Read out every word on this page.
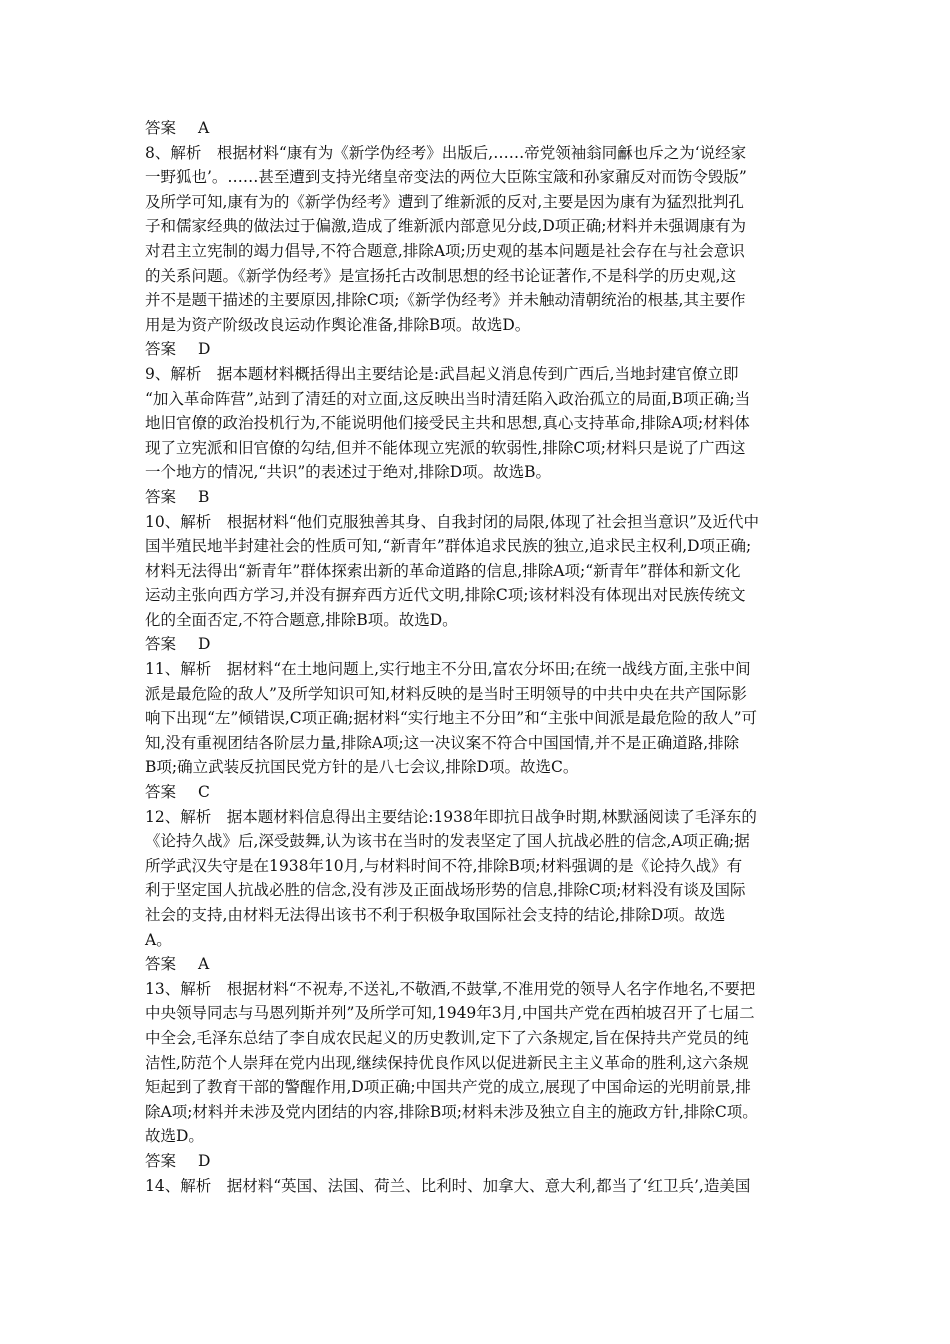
答案 A
8、解析　根据材料“康有为《新学伪经考》出版后,……帝党领袖翁同龢也斥之为‘说经家
一野狐也’。……甚至遭到支持光绪皇帝变法的两位大臣陈宝箴和孙家鼐反对而饬令毁版”
及所学可知,康有为的《新学伪经考》遭到了维新派的反对,主要是因为康有为猛烈批判孔
子和儒家经典的做法过于偏激,造成了维新派内部意见分歧,D项正确;材料并未强调康有为
对君主立宪制的竭力倡导,不符合题意,排除A项;历史观的基本问题是社会存在与社会意识
的关系问题。《新学伪经考》是宣扬托古改制思想的经书论证著作,不是科学的历史观,这
并不是题干描述的主要原因,排除C项;《新学伪经考》并未触动清朝统治的根基,其主要作
用是为资产阶级改良运动作舆论准备,排除B项。故选D。
答案 D
9、解析　据本题材料概括得出主要结论是:武昌起义消息传到广西后,当地封建官僚立即
“加入革命阵营”,站到了清廷的对立面,这反映出当时清廷陷入政治孤立的局面,B项正确;当
地旧官僚的政治投机行为,不能说明他们接受民主共和思想,真心支持革命,排除A项;材料体
现了立宪派和旧官僚的勾结,但并不能体现立宪派的软弱性,排除C项;材料只是说了广西这
一个地方的情况,“共识”的表述过于绝对,排除D项。故选B。
答案 B
10、解析　根据材料“他们克服独善其身、自我封闭的局限,体现了社会担当意识”及近代中
国半殖民地半封建社会的性质可知,“新青年”群体追求民族的独立,追求民主权利,D项正确;
材料无法得出“新青年”群体探索出新的革命道路的信息,排除A项;“新青年”群体和新文化
运动主张向西方学习,并没有摒弃西方近代文明,排除C项;该材料没有体现出对民族传统文
化的全面否定,不符合题意,排除B项。故选D。
答案 D
11、解析　据材料“在土地问题上,实行地主不分田,富农分坏田;在统一战线方面,主张中间
派是最危险的敌人”及所学知识可知,材料反映的是当时王明领导的中共中央在共产国际影
响下出现“左”倾错误,C项正确;据材料“实行地主不分田”和“主张中间派是最危险的敌人”可
知,没有重视团结各阶层力量,排除A项;这一决议案不符合中国国情,并不是正确道路,排除
B项;确立武装反抗国民党方针的是八七会议,排除D项。故选C。
答案 C
12、解析　据本题材料信息得出主要结论:1938年即抗日战争时期,林默涵阅读了毛泽东的
《论持久战》后,深受鼓舞,认为该书在当时的发表坚定了国人抗战必胜的信念,A项正确;据
所学武汉失守是在1938年10月,与材料时间不符,排除B项;材料强调的是《论持久战》有
利于坚定国人抗战必胜的信念,没有涉及正面战场形势的信息,排除C项;材料没有谈及国际
社会的支持,由材料无法得出该书不利于积极争取国际社会支持的结论,排除D项。故选
A。
答案 A
13、解析　根据材料“不祝寿,不送礼,不敬酒,不鼓掌,不准用党的领导人名字作地名,不要把
中央领导同志与马恩列斯并列”及所学可知,1949年3月,中国共产党在西柏坡召开了七届二
中全会,毛泽东总结了李自成农民起义的历史教训,定下了六条规定,旨在保持共产党员的纯
洁性,防范个人崇拜在党内出现,继续保持优良作风以促进新民主主义革命的胜利,这六条规
矩起到了教育干部的警醒作用,D项正确;中国共产党的成立,展现了中国命运的光明前景,排
除A项;材料并未涉及党内团结的内容,排除B项;材料未涉及独立自主的施政方针,排除C项。
故选D。
答案 D
14、解析　据材料“英国、法国、荷兰、比利时、加拿大、意大利,都当了‘红卫兵’,造美国
